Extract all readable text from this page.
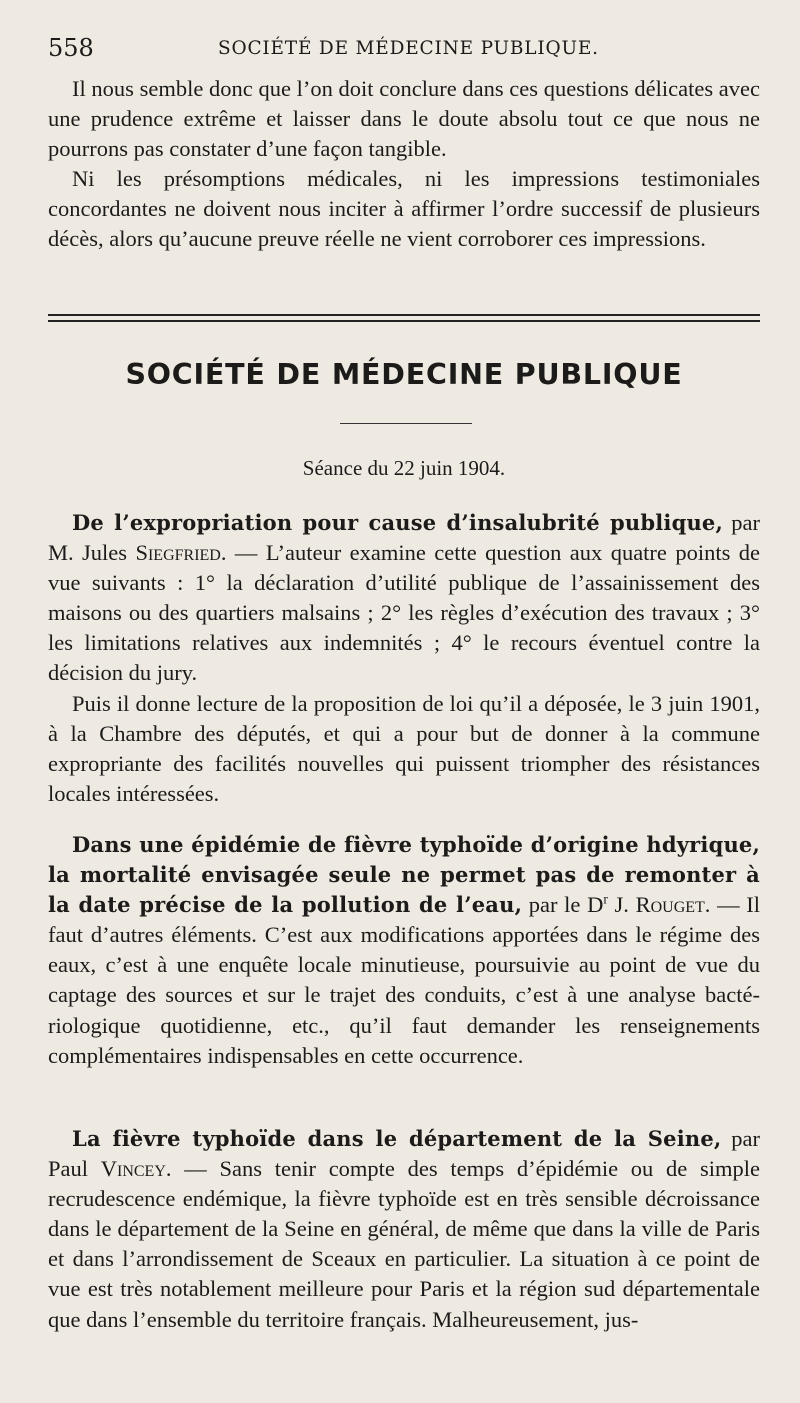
558	SOCIÉTÉ DE MÉDECINE PUBLIQUE.

Il nous semble donc que l’on doit conclure dans ces questions délicates avec une prudence extrême et laisser dans le doute absolu tout ce que nous ne pourrons pas constater d’une façon tangible.

Ni les présomptions médicales, ni les impressions testimoniales concordantes ne doivent nous inciter à affirmer l’ordre successif de plusieurs décès, alors qu’aucune preuve réelle ne vient corroborer ces impressions.

SOCIÉTÉ DE MÉDECINE PUBLIQUE
Séance du 22 juin 1904.

De l’expropriation pour cause d’insalubrité publique, par M. Jules Siegfried. — L’auteur examine cette question aux quatre points de vue suivants : 1° la déclaration d’utilité publique de l’assainissement des maisons ou des quartiers malsains ; 2° les règles d’exécution des travaux ; 3° les limitations relatives aux indemnités ; 4° le recours éventuel contre la décision du jury.

Puis il donne lecture de la proposition de loi qu’il a déposée, le 3 juin 1901, à la Chambre des députés, et qui a pour but de donner à la commune expropriante des facilités nouvelles qui puissent triompher des résistances locales intéressées.

Dans une épidémie de fièvre typhoïde d’origine hdyrique, la mortalité envisagée seule ne permet pas de remonter à la date précise de la pollution de l’eau, par le $D^r$ J. Rouget. — Il faut d’autres éléments. C’est aux modifications apportées dans le régime des eaux, c’est à une enquête locale minutieuse, poursuivie au point de vue du captage des sources et sur le trajet des conduits, c’est à une analyse bactériologique quotidienne, etc., qu’il faut demander les renseignements complémentaires indispensables en cette occurrence.

La fièvre typhoïde dans le département de la Seine, par Paul Vincey. — Sans tenir compte des temps d’épidémie ou de simple recrudescence endémique, la fièvre typhoïde est en très sensible décroissance dans le département de la Seine en général, de même que dans la ville de Paris et dans l’arrondissement de Sceaux en particulier. La situation à ce point de vue est très notablement meilleure pour Paris et la région sud départementale que dans l’ensemble du territoire français. Malheureusement, jus-
